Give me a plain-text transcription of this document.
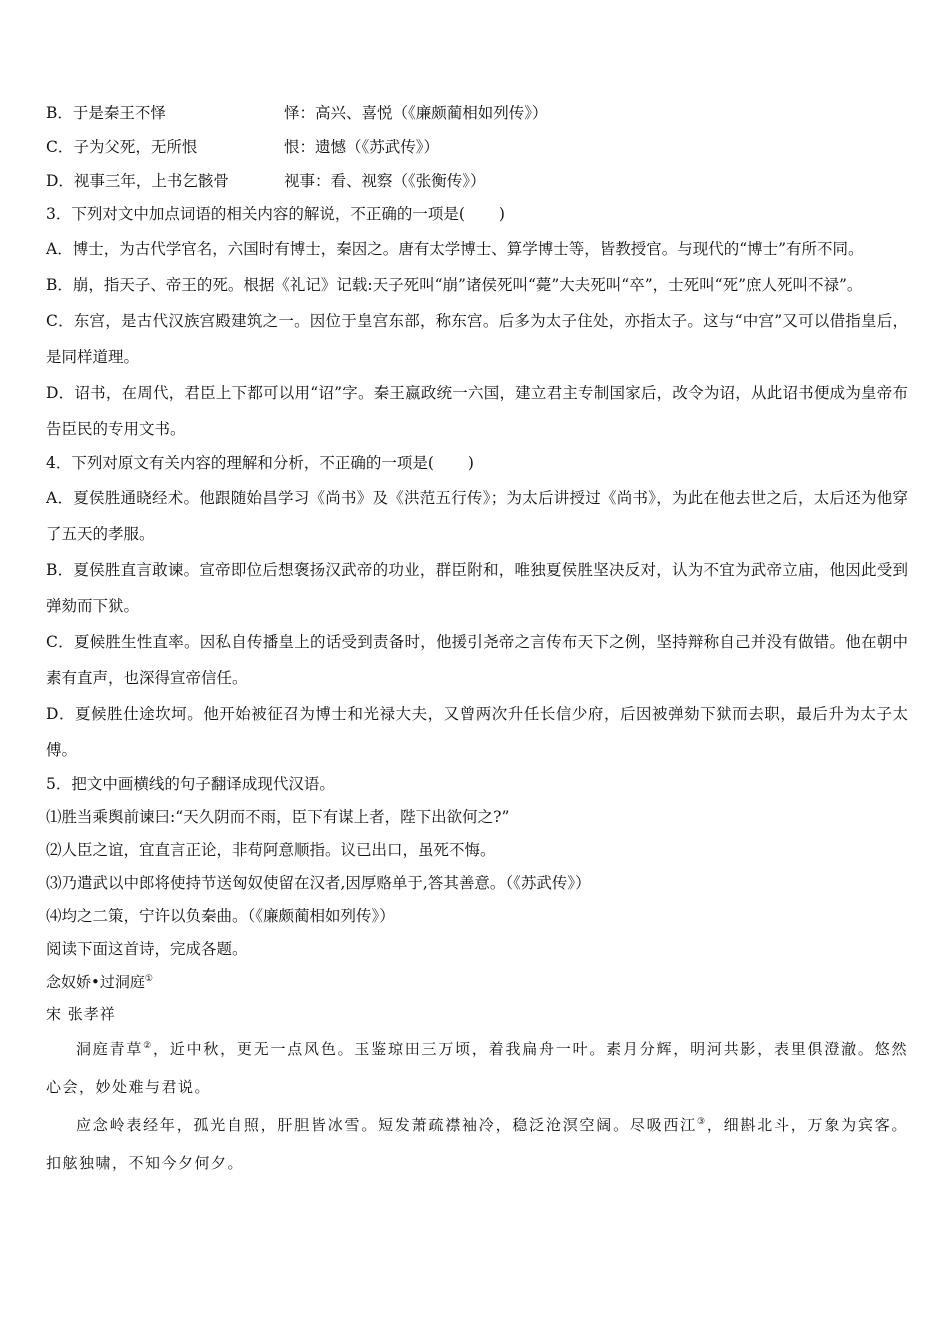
B．于是秦王不怿	怿：高兴、喜悦（《廉颇蔺相如列传》）
C．子为父死，无所恨	恨：遗憾（《苏武传》）
D．视事三年，上书乞骸骨	视事：看、视察（《张衡传》）
3．下列对文中加点词语的相关内容的解说，不正确的一项是( )
A．博士，为古代学官名，六国时有博士，秦因之。唐有太学博士、算学博士等，皆教授官。与现代的“博士”有所不同。
B．崩，指天子、帝王的死。根据《礼记》记载:天子死叫“崩”诸侯死叫“薨”大夫死叫“卒”，士死叫“死”庶人死叫不禄”。
C．东宫，是古代汉族宫殿建筑之一。因位于皇宫东部，称东宫。后多为太子住处，亦指太子。这与“中宫”又可以借指皇后，是同样道理。
D．诏书，在周代，君臣上下都可以用“诏”字。秦王嬴政统一六国，建立君主专制国家后，改令为诏，从此诏书便成为皇帝布告臣民的专用文书。
4．下列对原文有关内容的理解和分析，不正确的一项是( )
A．夏侯胜通晓经术。他跟随始昌学习《尚书》及《洪范五行传》；为太后讲授过《尚书》，为此在他去世之后，太后还为他穿了五天的孝服。
B．夏侯胜直言敢谏。宣帝即位后想褒扬汉武帝的功业，群臣附和，唯独夏侯胜坚决反对，认为不宜为武帝立庙，他因此受到弹劾而下狱。
C．夏候胜生性直率。因私自传播皇上的话受到责备时，他援引尧帝之言传布天下之例，坚持辩称自己并没有做错。他在朝中素有直声，也深得宣帝信任。
D．夏候胜仕途坎坷。他开始被征召为博士和光禄大夫，又曾两次升任长信少府，后因被弹劾下狱而去职，最后升为太子太傅。
5．把文中画横线的句子翻译成现代汉语。
⑴胜当乘舆前谏曰:“天久阴而不雨，臣下有谋上者，陛下出欲何之?”
⑵人臣之谊，宜直言正论，非苟阿意顺指。议已出口，虽死不悔。
⑶乃遣武以中郎将使持节送匈奴使留在汉者,因厚赂单于,答其善意。（《苏武传》）
⑷均之二策，宁许以负秦曲。（《廉颇蔺相如列传》）
阅读下面这首诗，完成各题。
念奴娇•过洞庭①
宋 张孝祥
洞庭青草②，近中秋，更无一点风色。玉鉴琼田三万顷，着我扁舟一叶。素月分辉，明河共影，表里俱澄澈。悠然心会，妙处难与君说。
应念岭表经年，孤光自照，肝胆皆冰雪。短发萧疏襟袖冷，稳泛沧溟空阔。尽吸西江③，细斟北斗，万象为宾客。扣舷独啸，不知今夕何夕。
